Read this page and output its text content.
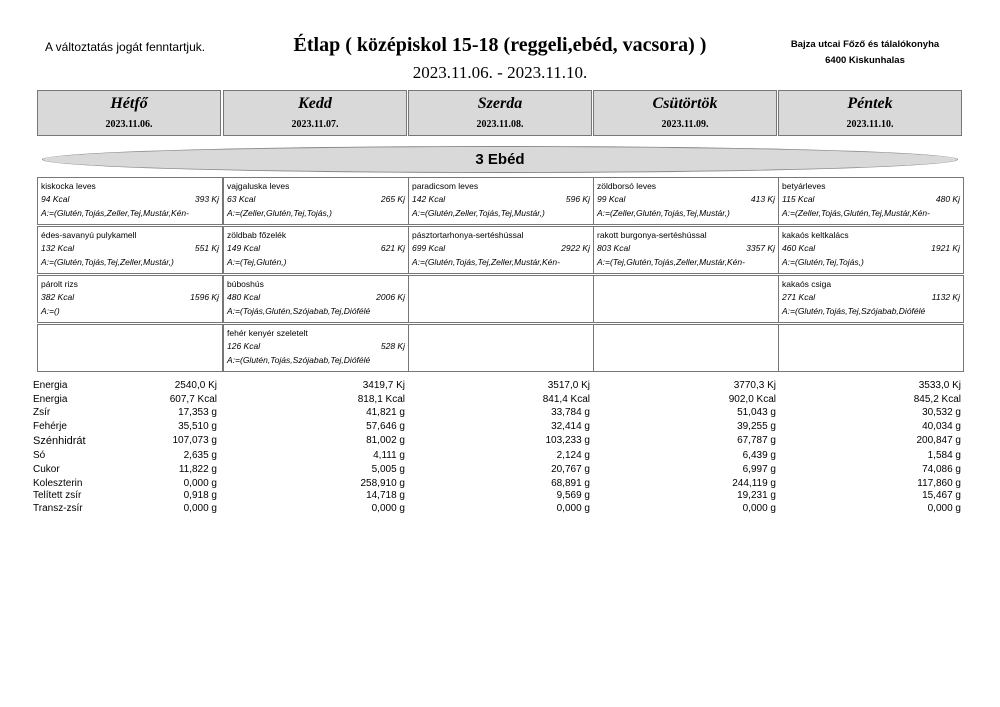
A változtatás jogát fenntartjuk.	Étlap ( középiskol 15-18 (reggeli,ebéd, vacsora) )
2023.11.06. - 2023.11.10.
Bajza utcai Főző és tálalókonyha
6400 Kiskunhalas
Hétfő
2023.11.06.
Kedd
2023.11.07.
Szerda
2023.11.08.
Csütörtök
2023.11.09.
Péntek
2023.11.10.
3 Ebéd
kiskocka leves
94 Kcal	393 Kj
A:=(Glutén,Tojás,Zeller,Tej,Mustár,Kén-
vajgaluska leves
63 Kcal	265 Kj
A:=(Zeller,Glutén,Tej,Tojás,)
paradicsom leves
142 Kcal	596 Kj
A:=(Glutén,Zeller,Tojás,Tej,Mustár,)
zöldborsó leves
99 Kcal	413 Kj
A:=(Zeller,Glutén,Tojás,Tej,Mustár,)
betyárleves
115 Kcal	480 Kj
A:=(Zeller,Tojás,Glutén,Tej,Mustár,Kén-
édes-savanyú pulykamell
132 Kcal	551 Kj
A:=(Glutén,Tojás,Tej,Zeller,Mustár,)
zöldbab főzelék
149 Kcal	621 Kj
A:=(Tej,Glutén,)
pásztortarhonya-sertéshússal
699 Kcal	2922 Kj
A:=(Glutén,Tojás,Tej,Zeller,Mustár,Kén-
rakott burgonya-sertéshússal
803 Kcal	3357 Kj
A:=(Tej,Glutén,Tojás,Zeller,Mustár,Kén-
kakaós keltkalács
460 Kcal	1921 Kj
A:=(Glutén,Tej,Tojás,)
párolt rizs
382 Kcal	1596 Kj
A:=()
búboshús
480 Kcal	2006 Kj
A:=(Tojás,Glutén,Szójabab,Tej,Diófélé
kakaós csiga
271 Kcal	1132 Kj
A:=(Glutén,Tojás,Tej,Szójabab,Diófélé
fehér kenyér szeletelt
126 Kcal	528 Kj
A:=(Glutén,Tojás,Szójabab,Tej,Diófélé
Energia	2540,0 Kj	3419,7 Kj	3517,0 Kj	3770,3 Kj	3533,0 Kj
Energia	607,7 Kcal	818,1 Kcal	841,4 Kcal	902,0 Kcal	845,2 Kcal
Zsír	17,353 g	41,821 g	33,784 g	51,043 g	30,532 g
Fehérje	35,510 g	57,646 g	32,414 g	39,255 g	40,034 g
Szénhidrát	107,073 g	81,002 g	103,233 g	67,787 g	200,847 g
Só	2,635 g	4,111 g	2,124 g	6,439 g	1,584 g
Cukor	11,822 g	5,005 g	20,767 g	6,997 g	74,086 g
Koleszterin	0,000 g	258,910 g	68,891 g	244,119 g	117,860 g
Telített zsír	0,918 g	14,718 g	9,569 g	19,231 g	15,467 g
Transz-zsír	0,000 g	0,000 g	0,000 g	0,000 g	0,000 g
